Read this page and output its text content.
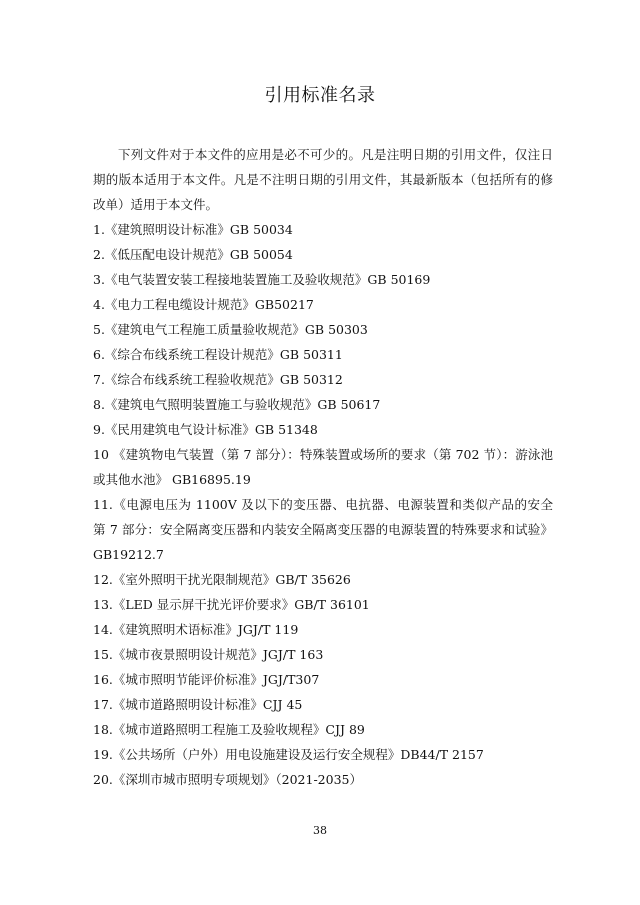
引用标准名录

下列文件对于本文件的应用是必不可少的。凡是注明日期的引用文件，仅注日期的版本适用于本文件。凡是不注明日期的引用文件，其最新版本（包括所有的修改单）适用于本文件。

1.《建筑照明设计标准》GB 50034
2.《低压配电设计规范》GB 50054
3.《电气装置安装工程接地装置施工及验收规范》GB 50169
4.《电力工程电缆设计规范》GB50217
5.《建筑电气工程施工质量验收规范》GB 50303
6.《综合布线系统工程设计规范》GB 50311
7.《综合布线系统工程验收规范》GB 50312
8.《建筑电气照明装置施工与验收规范》GB 50617
9.《民用建筑电气设计标准》GB 51348
10 《建筑物电气装置（第 7 部分）：特殊装置或场所的要求（第 702 节）：游泳池或其他水池》 GB16895.19
11.《电源电压为 1100V 及以下的变压器、电抗器、电源装置和类似产品的安全 第 7 部分：安全隔离变压器和内装安全隔离变压器的电源装置的特殊要求和试验》GB19212.7
12.《室外照明干扰光限制规范》GB/T 35626
13.《LED 显示屏干扰光评价要求》GB/T 36101
14.《建筑照明术语标准》JGJ/T 119
15.《城市夜景照明设计规范》JGJ/T 163
16.《城市照明节能评价标准》JGJ/T307
17.《城市道路照明设计标准》CJJ 45
18.《城市道路照明工程施工及验收规程》CJJ 89
19.《公共场所（户外）用电设施建设及运行安全规程》DB44/T 2157
20.《深圳市城市照明专项规划》（2021-2035）
38
